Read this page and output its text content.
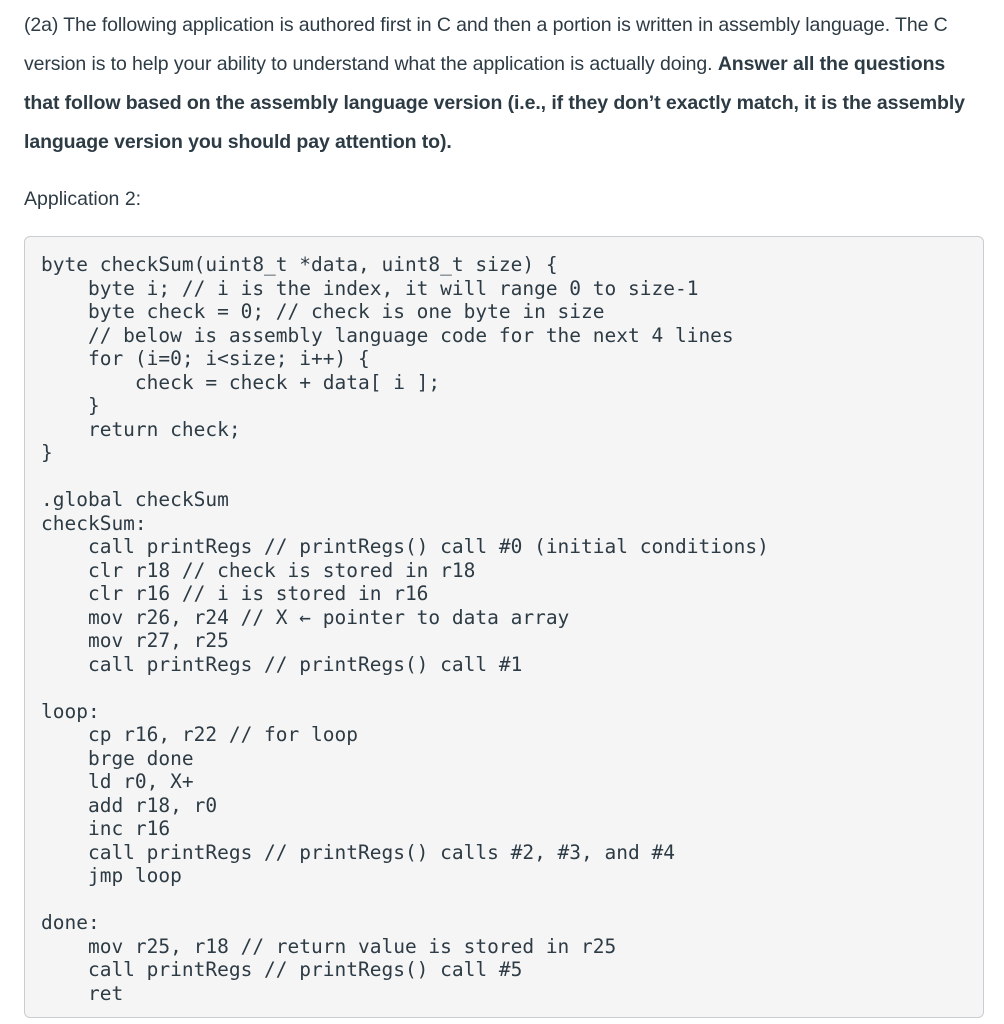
(2a) The following application is authored first in C and then a portion is written in assembly language. The C version is to help your ability to understand what the application is actually doing. Answer all the questions that follow based on the assembly language version (i.e., if they don’t exactly match, it is the assembly language version you should pay attention to).

Application 2:

byte checkSum(uint8_t *data, uint8_t size) {
byte i; // i is the index, it will range 0 to size-1
byte check = 0; // check is one byte in size
// below is assembly language code for the next 4 lines
for (i=0; i<size; i++) {
check = check + data[ i ];
}
return check;
}
.global checkSum
checkSum:
call printRegs // printRegs() call #0 (initial conditions)
clr r18 // check is stored in r18
clr r16 // i is stored in r16
mov r26, r24 // X ← pointer to data array
mov r27, r25
call printRegs // printRegs() call #1
loop:
cp r16, r22 // for loop
brge done
ld r0, X+
add r18, r0
inc r16
call printRegs // printRegs() calls #2, #3, and #4
jmp loop
done:
mov r25, r18 // return value is stored in r25
call printRegs // printRegs() call #5
ret
